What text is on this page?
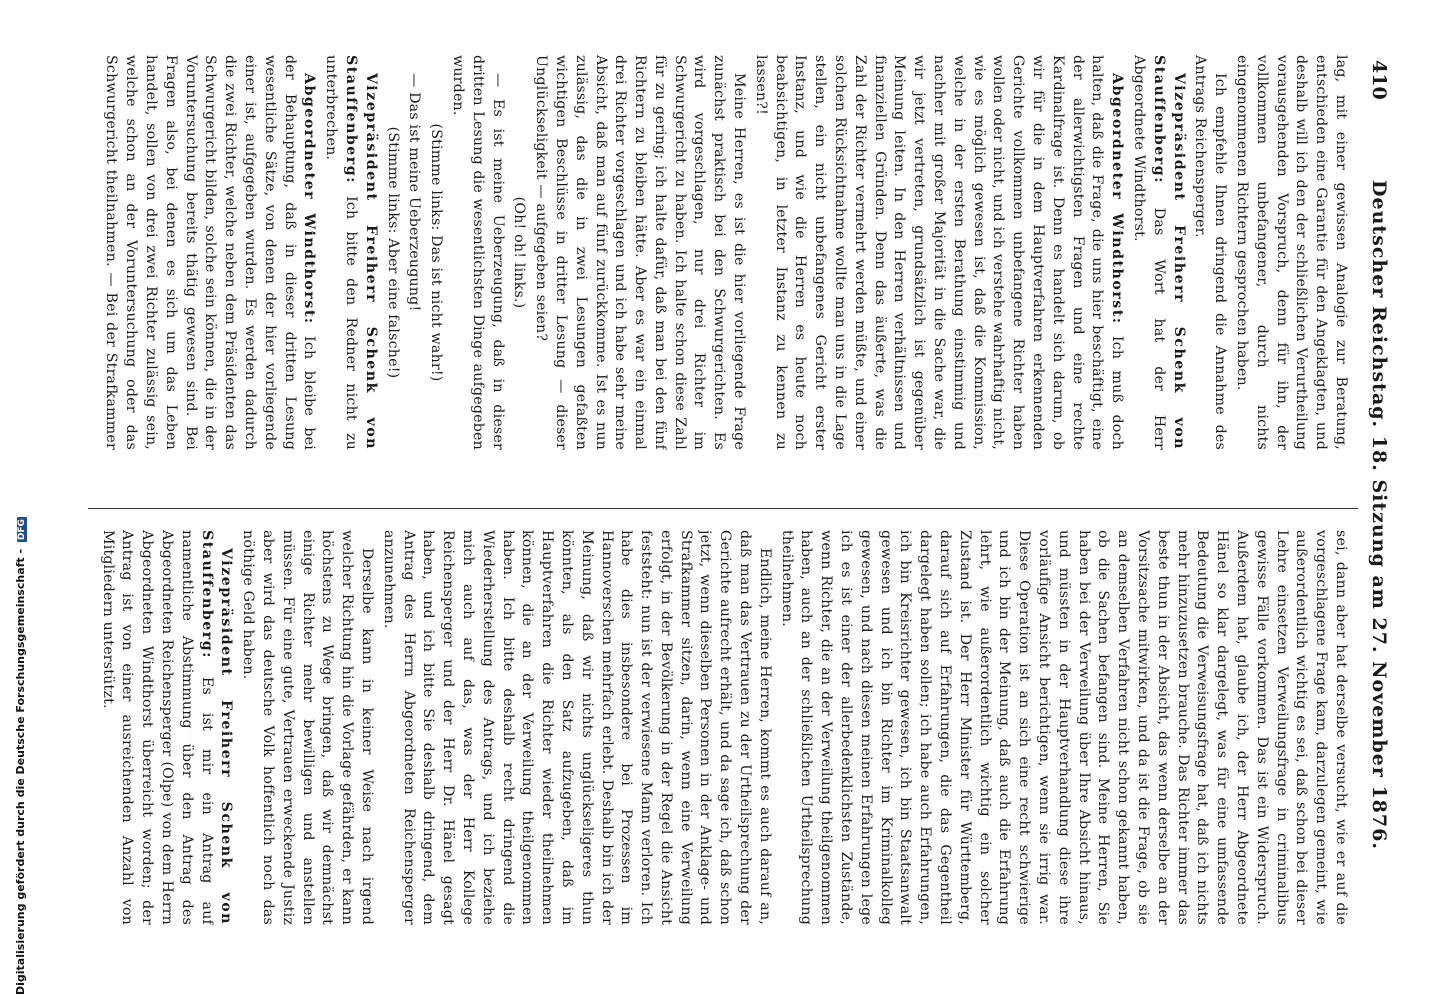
410
Deutscher Reichstag. 18. Sitzung am 27. November 1876.

lag, mit einer gewissen Analogie zur Beratung, entschieden eine Garantie für den Angeklagten, und deshalb will ich den der schließlichen Verurtheilung vorausgehenden Vorspruch, denn für ihn, der vollkommen unbefangener, durch nichts eingenommenen Richtern gesprochen haben.

Ich empfehle Ihnen dringend die Annahme des Antrags Reichensperger.

Vizepräsident Freiherr Schenk von Stauffenberg: Das Wort hat der Herr Abgeordnete Windthorst.

Abgeordneter Windthorst: Ich muß doch halten, daß die Frage, die uns hier beschäftigt, eine der allerwichtigsten Fragen und eine rechte Kardinalfrage ist. Denn es handelt sich darum, ob wir für die in dem Hauptverfahren erkennenden Gerichte vollkommen unbefangene Richter haben wollen oder nicht, und ich verstehe wahrhaftig nicht, wie es möglich gewesen ist, daß die Kommission, welche in der ersten Berathung einstimmig und nachher mit großer Majorität in die Sache war, die wir jetzt vertreten, grundsätzlich ist gegenüber Meinung leiten. In den Herren verhältnissen und finanziellen Gründen. Denn das äußerte, was die Zahl der Richter vermehrt werden müßte, und einer solchen Rücksichtnahme wollte man uns in die Lage stellen, ein nicht unbefangenes Gericht erster Instanz, und wie die Herren es heute noch beabsichtigen, in letzter Instanz zu kennen zu lassen?!

Meine Herren, es ist die hier vorliegende Frage zunächst praktisch bei den Schwurgerichten. Es wird vorgeschlagen, nur drei Richter im Schwurgericht zu haben. Ich halte schon diese Zahl für zu gering; ich halte dafür, daß man bei den fünf Richtern zu bleiben hätte. Aber es war ein einmal drei Richter vorgeschlagen und ich habe sehr meine Absicht, daß man auf fünf zurückkomme. Ist es nun zulässig, das die in zwei Lesungen gefaßten wichtigen Beschlüsse in dritter Lesung — dieser Unglückseligkeit — aufgegeben seien?

(Oh! oh! links.)

— Es ist meine Ueberzeugung, daß in dieser dritten Lesung die wesentlichsten Dinge aufgegeben wurden.

(Stimme links: Das ist nicht wahr!)

— Das ist meine Ueberzeugung!

(Stimme links: Aber eine falsche!)

Vizepräsident Freiherr Schenk von Stauffenberg: Ich bitte den Redner nicht zu unterbrechen.

Abgeordneter Windthorst: Ich bleibe bei der Behauptung, daß in dieser dritten Lesung wesentliche Sätze, von denen der hier vorliegende einer ist, aufgegeben wurden. Es werden dadurch die zwei Richter, welche neben dem Präsidenten das Schwurgericht bilden, solche sein können, die in der Voruntersuchung bereits thätig gewesen sind. Bei Fragen also, bei denen es sich um das Leben handelt, sollen von drei zwei Richter zulässig sein, welche schon an der Voruntersuchung oder das Schwurgericht theilnahmen. — Bei der Strafkammer

sei, dann aber hat derselbe versucht, wie er auf die vorgeschlagene Frage kam, darzulegen gemeint, wie außerordentlich wichtig es sei, daß schon bei dieser Lehre einsetzen Verweilungsfrage in criminalibus gewisse Fälle vorkommen. Das ist ein Widerspruch. Außerdem hat, glaube ich, der Herr Abgeordnete Hänel so klar dargelegt, was für eine umfassende Bedeutung die Verweisungsfrage hat, daß ich nichts mehr hinzuzusetzen brauche. Das Richter immer das beste thun in der Absicht, das wenn derselbe an der Vorsitzsache mitwirken, und da ist die Frage, ob sie an demselben Verfahren nicht schon gekannt haben, ob die Sachen befangen sind. Meine Herren, Sie haben bei der Verweilung über Ihre Absicht hinaus, und müssten in der Hauptverhandlung diese ihre vorläufige Ansicht berichtigen, wenn sie irrig war. Diese Operation ist an sich eine recht schwierige und ich bin der Meinung, daß auch die Erfahrung lehrt, wie außerordentlich wichtig ein solcher Zustand ist. Der Herr Minister für Württemberg, darauf sich auf Erfahrungen, die das Gegentheil dargelegt haben sollen; ich habe auch Erfahrungen, ich bin Kreisrichter gewesen, ich bin Staatsanwalt gewesen und ich bin Richter im Kriminalkolleg gewesen, und nach diesen meinen Erfahrungen lege ich es ist einer der allerbedenklichsten Zustände, wenn Richter, die an der Verweilung theilgenommen haben, auch an der schließlichen Urtheilsprechung theilnehmen.

Endlich, meine Herren, kommt es auch darauf an, daß man das Vertrauen zu der Urtheilsprechung der Gerichte aufrecht erhält, und da sage ich, daß schon jetzt, wenn dieselben Personen in der Anklage- und Strafkammer sitzen, darin, wenn eine Verweilung erfolgt, in der Bevölkerung in der Regel die Ansicht feststeht: nun ist der verwiesene Mann verloren. Ich habe dies insbesondere bei Prozessen im Hannoverschen mehrfach erlebt. Deshalb bin ich der Meinung, daß wir nichts unglückseligeres thun könnten, als den Satz aufzugeben, daß im Hauptverfahren die Richter wieder theilnehmen können, die an der Verweilung theilgenommen haben. Ich bitte deshalb recht dringend die Wiederherstellung des Antrags, und ich beziehe mich auch auf das, was der Herr Kollege Reichensperger und der Herr Dr. Hänel gesagt haben, und ich bitte Sie deshalb dringend, dem Antrag des Herrn Abgeordneten Reichensperger anzunehmen.

Derselbe kann in keiner Weise nach irgend welcher Richtung hin die Vorlage gefährden, er kann höchstens zu Wege bringen, daß wir demnächst einige Richter mehr bewilligen und anstellen müssen. Für eine gute, Vertrauen erweckende Justiz aber wird das deutsche Volk hoffentlich noch das nöthige Geld haben.

Vizepräsident Freiherr Schenk von Stauffenberg: Es ist mir ein Antrag auf namentliche Abstimmung über den Antrag des Abgeordneten Reichensperger (Olpe) von dem Herrn Abgeordneten Windthorst überreicht worden; der Antrag ist von einer ausreichenden Anzahl von Mitgliedern unterstützt.

Digitalisierung gefördert durch die Deutsche Forschungsgemeinschaft - DFG
